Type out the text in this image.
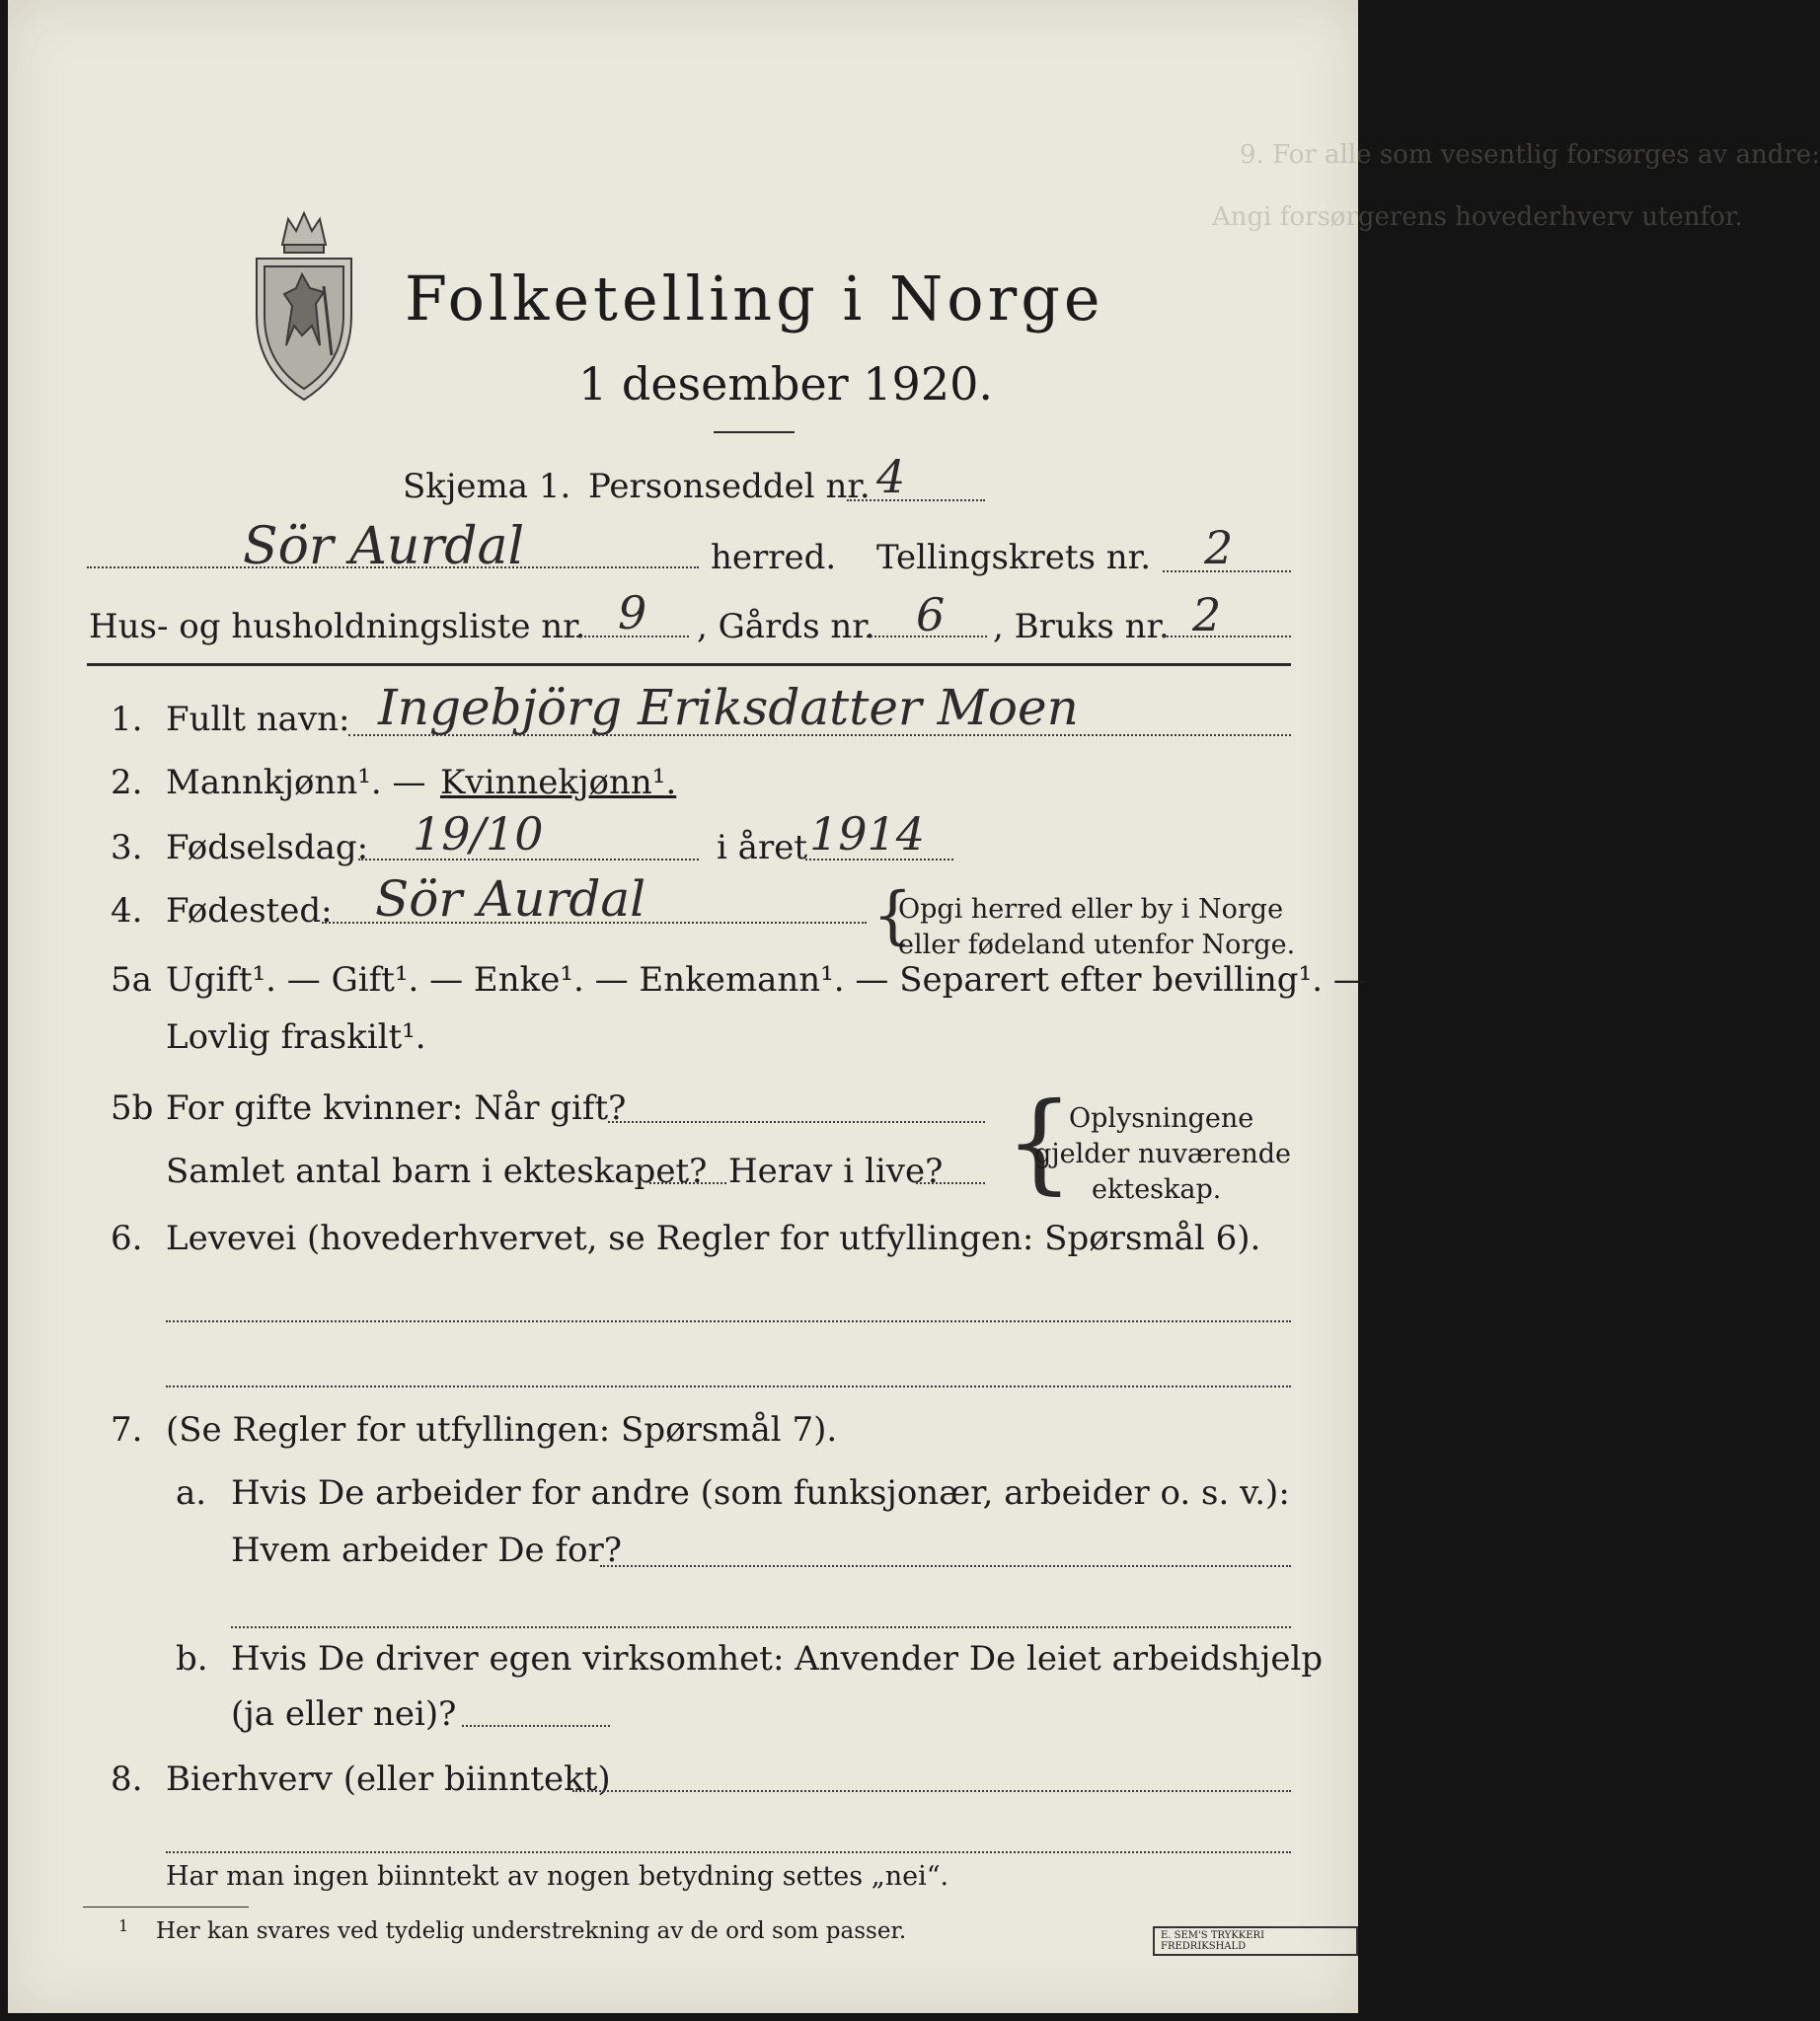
9. For alle som vesentlig forsørges av andre:
Angi forsørgerens hovederhverv utenfor.
Folketelling i Norge
1 desember 1920.
Skjema 1. Personseddel nr. 4
Sör Aurdal	herred. Tellingskrets nr. 2
Hus- og husholdningsliste nr. 9 , Gårds nr. 6 , Bruks nr. 2
1. Fullt navn: Ingebjörg Eriksdatter Moen
2. Mannkjønn¹. — Kvinnekjønn¹.
3. Fødselsdag: 19/10	i året 1914
4. Fødested: Sör Aurdal	{
Opgi herred eller by i Norge
eller fødeland utenfor Norge.
5a Ugift¹. — Gift¹. — Enke¹. — Enkemann¹. — Separert efter bevilling¹. —
Lovlig fraskilt¹.
5b For gifte kvinner: Når gift?
Samlet antal barn i ekteskapet? Herav i live? {
Oplysningene
gjelder nuværende
ekteskap.
6. Levevei (hovederhvervet, se Regler for utfyllingen: Spørsmål 6).
7. (Se Regler for utfyllingen: Spørsmål 7).
a. Hvis De arbeider for andre (som funksjonær, arbeider o. s. v.):
Hvem arbeider De for?
b. Hvis De driver egen virksomhet: Anvender De leiet arbeidshjelp
(ja eller nei)?
8. Bierhverv (eller biinntekt)
Har man ingen biinntekt av nogen betydning settes „nei“.
1 Her kan svares ved tydelig understrekning av de ord som passer.	E. SEM'S TRYKKERI FREDRIKSHALD
